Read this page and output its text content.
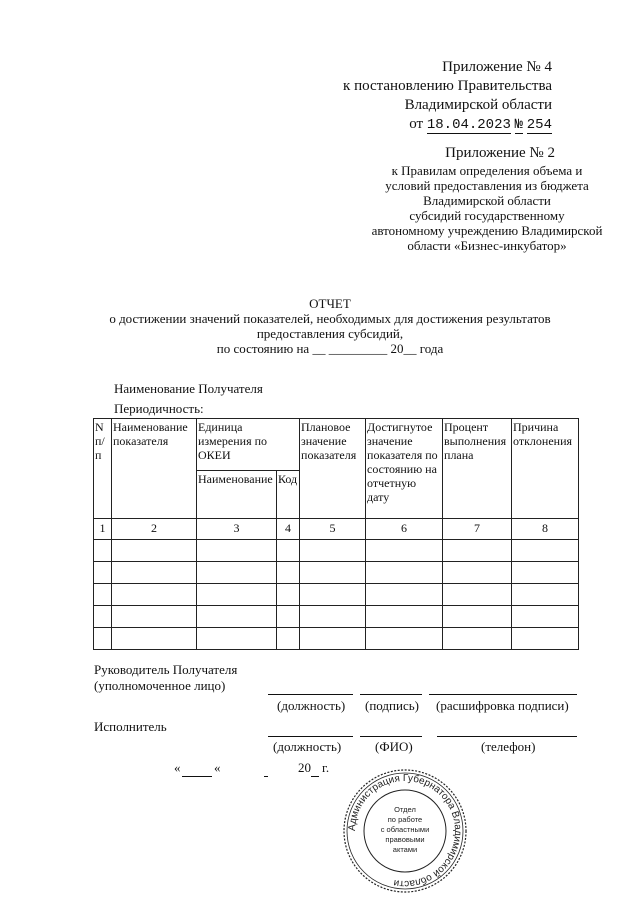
Приложение № 4
к постановлению Правительства
Владимирской области
от 18.04.2023 № 254
Приложение № 2
к Правилам определения объема и
условий предоставления из бюджета
Владимирской области
субсидий государственному
автономному учреждению Владимирской
области «Бизнес-инкубатор»
ОТЧЕТ
о достижении значений показателей, необходимых для достижения результатов
предоставления субсидий,
по состоянию на __ _________ 20__ года
Наименование Получателя
Периодичность:
N п/п	Наименование показателя	Единица измерения по ОКЕИ		Плановое значение показателя	Достигнутое значение показателя по состоянию на отчетную дату	Процент выполнения плана	Причина отклонения
		Наименование	Код				
1	2	3	4	5	6	7	8

Руководитель Получателя
(уполномоченное лицо)
(должность) (подпись) (расшифровка подписи)
Исполнитель
(должность)	(ФИО)	(телефон)
«	«	20 г.
Администрация Губернатора Владимирской области
Отдел
по работе
с областными
правовыми
актами
